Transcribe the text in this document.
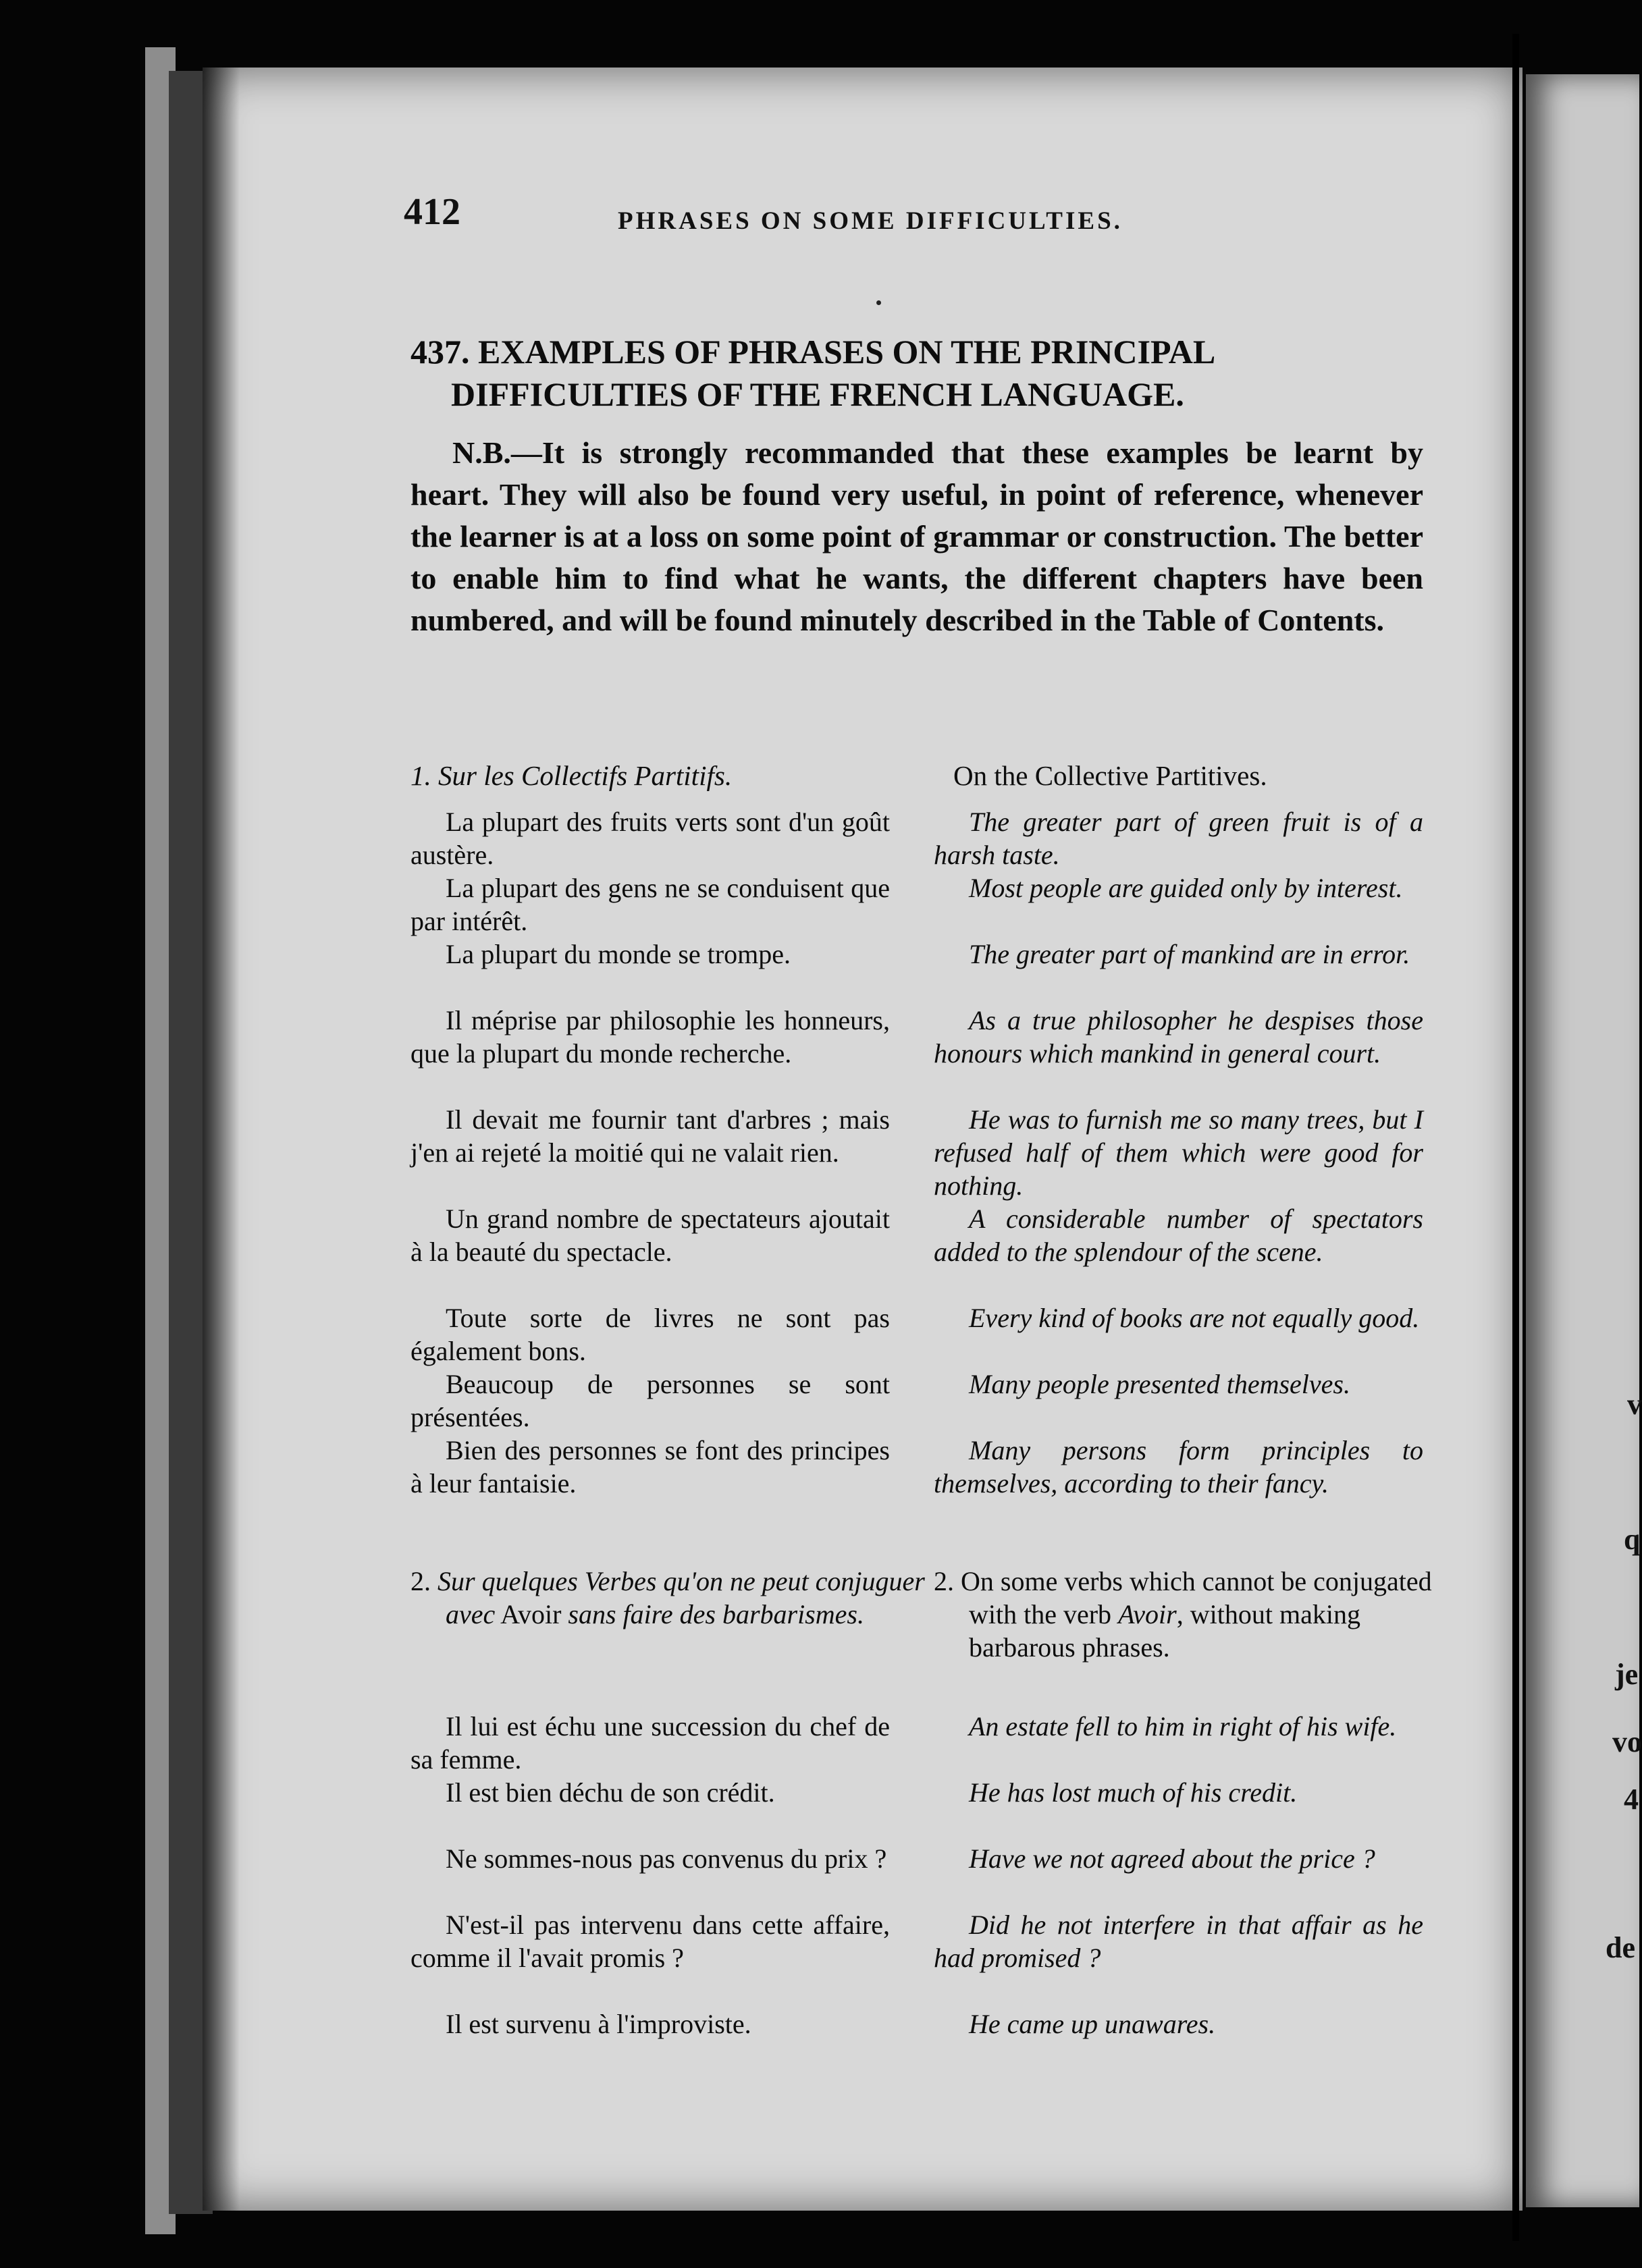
v
q
je
vo
4
de
412	PHRASES ON SOME DIFFICULTIES.
437. EXAMPLES OF PHRASES ON THE PRINCIPAL
DIFFICULTIES OF THE FRENCH LANGUAGE.

N.B.—It is strongly recommanded that these examples be learnt by heart. They will also be found very useful, in point of reference, whenever the learner is at a loss on some point of grammar or construction. The better to enable him to find what he wants, the different chapters have been numbered, and will be found minutely described in the Table of Contents.

1. Sur les Collectifs Partitifs.	On the Collective Partitives.

La plupart des fruits verts sont d'un goût austère.

La plupart des gens ne se conduisent que par intérêt.

La plupart du monde se trompe.

Il méprise par philosophie les honneurs, que la plupart du monde recherche.

Il devait me fournir tant d'arbres ; mais j'en ai rejeté la moitié qui ne valait rien.

Un grand nombre de spectateurs ajoutait à la beauté du spectacle.

Toute sorte de livres ne sont pas également bons.

Beaucoup de personnes se sont présentées.

Bien des personnes se font des principes à leur fantaisie.

The greater part of green fruit is of a harsh taste.

Most people are guided only by interest.

The greater part of mankind are in error.

As a true philosopher he despises those honours which mankind in general court.

He was to furnish me so many trees, but I refused half of them which were good for nothing.

A considerable number of spectators added to the splendour of the scene.

Every kind of books are not equally good.

Many people presented themselves.

Many persons form principles to themselves, according to their fancy.

2. Sur quelques Verbes qu'on ne peut conjuguer avec Avoir sans faire des barbarismes.

2. On some verbs which cannot be conjugated with the verb Avoir, without making barbarous phrases.

Il lui est échu une succession du chef de sa femme.

Il est bien déchu de son crédit.

Ne sommes-nous pas convenus du prix ?

N'est-il pas intervenu dans cette affaire, comme il l'avait promis ?

Il est survenu à l'improviste.

An estate fell to him in right of his wife.

He has lost much of his credit.

Have we not agreed about the price ?

Did he not interfere in that affair as he had promised ?

He came up unawares.
